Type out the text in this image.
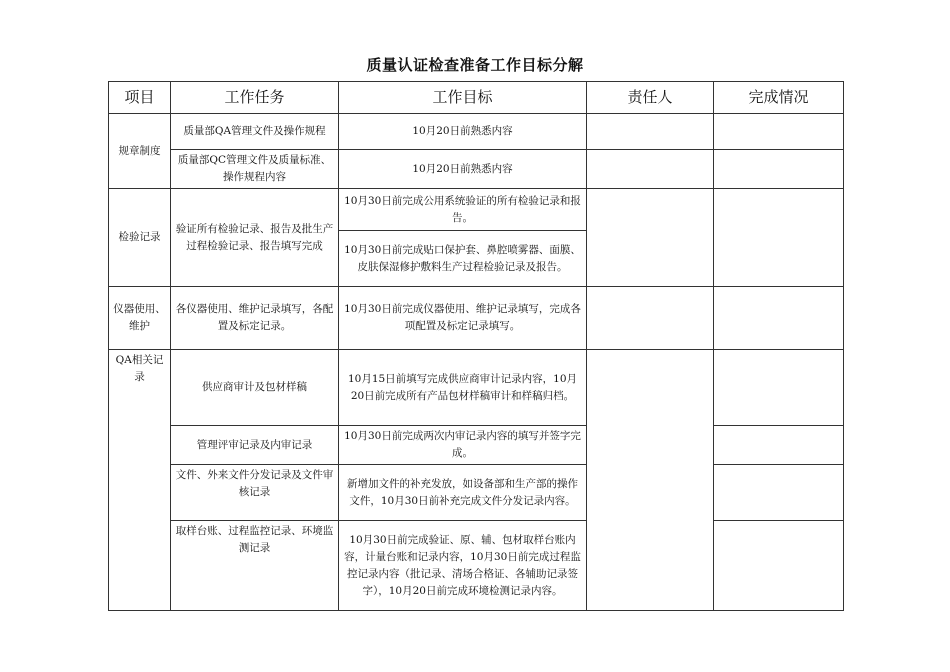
质量认证检查准备工作目标分解
项目	工作任务	工作目标	责任人	完成情况
规章制度	质量部QA管理文件及操作规程	10月20日前熟悉内容		
	质量部QC管理文件及质量标准、操作规程内容	10月20日前熟悉内容		
检验记录	验证所有检验记录、报告及批生产过程检验记录、报告填写完成	10月30日前完成公用系统验证的所有检验记录和报告。		
		10月30日前完成贴口保护套、鼻腔喷雾器、面膜、皮肤保湿修护敷料生产过程检验记录及报告。		
仪器使用、维护	各仪器使用、维护记录填写，各配置及标定记录。	10月30日前完成仪器使用、维护记录填写，完成各项配置及标定记录填写。		
QA相关记录	供应商审计及包材样稿	10月15日前填写完成供应商审计记录内容，10月20日前完成所有产品包材样稿审计和样稿归档。		
	管理评审记录及内审记录	10月30日前完成两次内审记录内容的填写并签字完成。		
	文件、外来文件分发记录及文件审核记录	新增加文件的补充发放，如设备部和生产部的操作文件，10月30日前补充完成文件分发记录内容。		
	取样台账、过程监控记录、环境监测记录	10月30日前完成验证、原、辅、包材取样台账内容，计量台账和记录内容，10月30日前完成过程监控记录内容（批记录、清场合格证、各辅助记录签字），10月20日前完成环境检测记录内容。		
